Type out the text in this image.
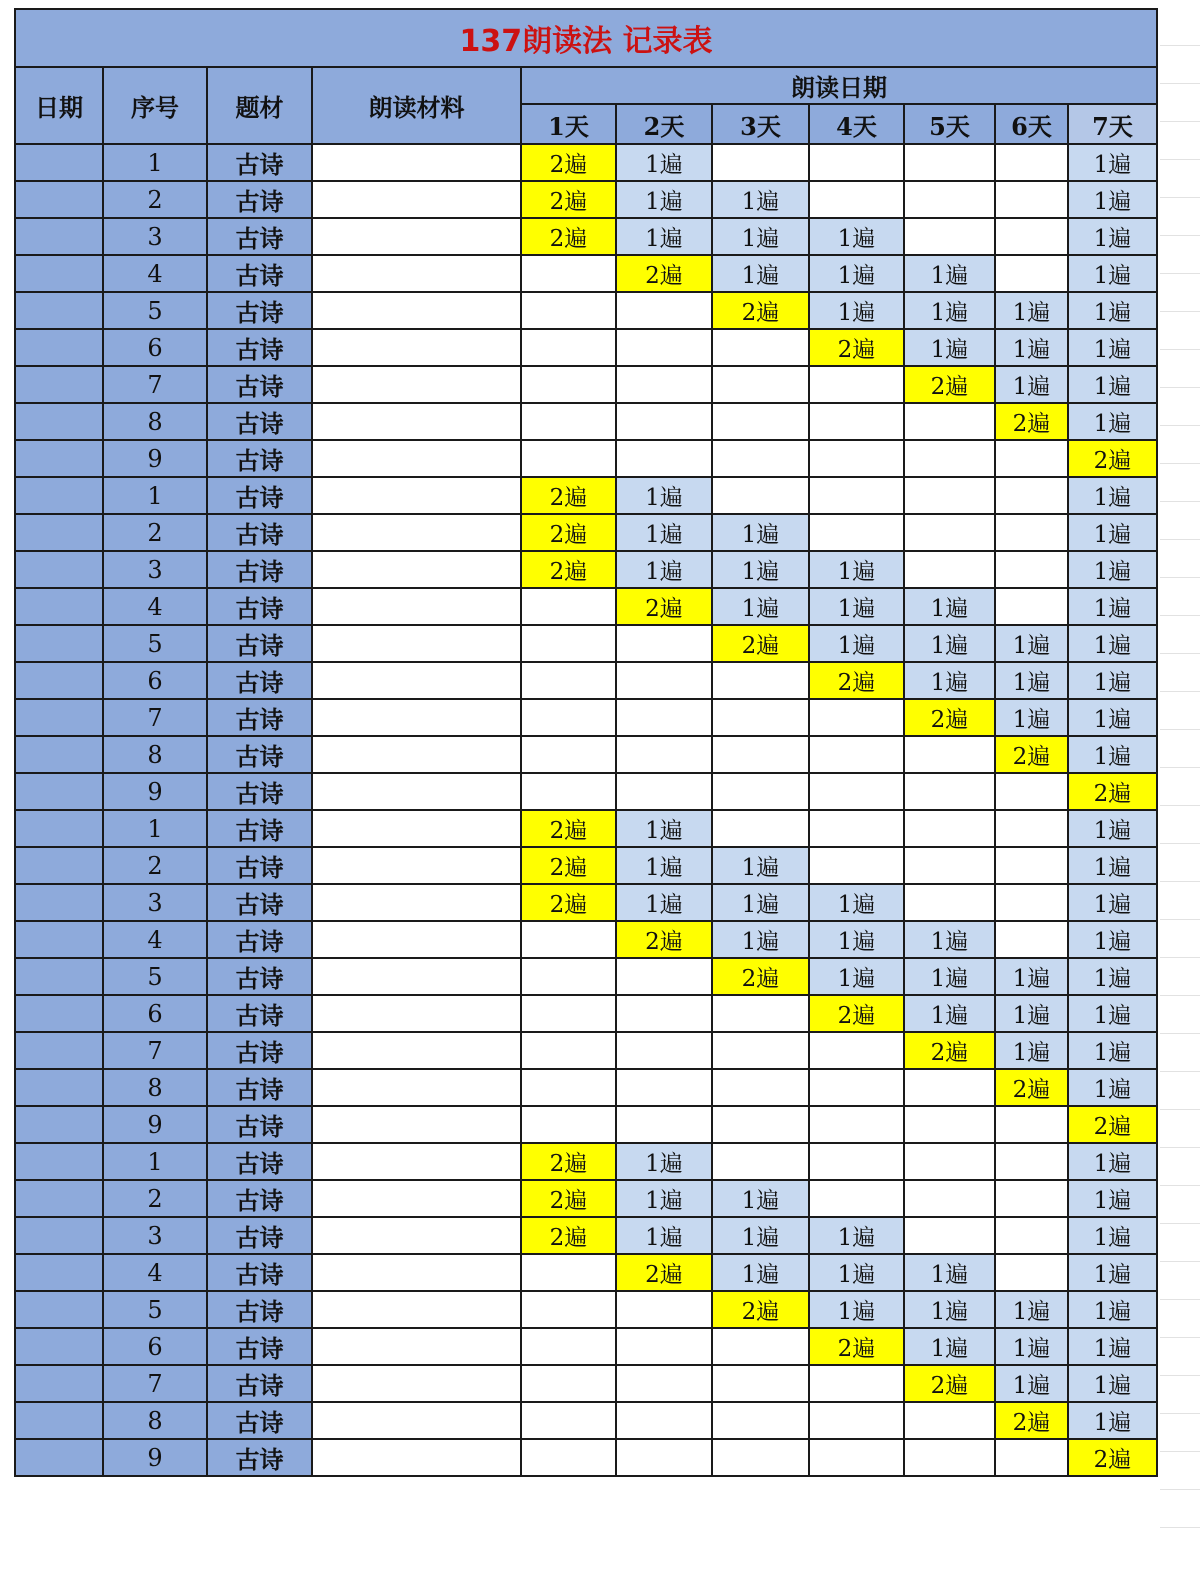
137朗读法 记录表										
日期	序号	题材	朗读材料	朗读日期						
				1天	2天	3天	4天	5天	6天	7天
	1	古诗		2遍	1遍					1遍
	2	古诗		2遍	1遍	1遍				1遍
	3	古诗		2遍	1遍	1遍	1遍			1遍
	4	古诗			2遍	1遍	1遍	1遍		1遍
	5	古诗				2遍	1遍	1遍	1遍	1遍
	6	古诗					2遍	1遍	1遍	1遍
	7	古诗						2遍	1遍	1遍
	8	古诗							2遍	1遍
	9	古诗								2遍
	1	古诗		2遍	1遍					1遍
	2	古诗		2遍	1遍	1遍				1遍
	3	古诗		2遍	1遍	1遍	1遍			1遍
	4	古诗			2遍	1遍	1遍	1遍		1遍
	5	古诗				2遍	1遍	1遍	1遍	1遍
	6	古诗					2遍	1遍	1遍	1遍
	7	古诗						2遍	1遍	1遍
	8	古诗							2遍	1遍
	9	古诗								2遍
	1	古诗		2遍	1遍					1遍
	2	古诗		2遍	1遍	1遍				1遍
	3	古诗		2遍	1遍	1遍	1遍			1遍
	4	古诗			2遍	1遍	1遍	1遍		1遍
	5	古诗				2遍	1遍	1遍	1遍	1遍
	6	古诗					2遍	1遍	1遍	1遍
	7	古诗						2遍	1遍	1遍
	8	古诗							2遍	1遍
	9	古诗								2遍
	1	古诗		2遍	1遍					1遍
	2	古诗		2遍	1遍	1遍				1遍
	3	古诗		2遍	1遍	1遍	1遍			1遍
	4	古诗			2遍	1遍	1遍	1遍		1遍
	5	古诗				2遍	1遍	1遍	1遍	1遍
	6	古诗					2遍	1遍	1遍	1遍
	7	古诗						2遍	1遍	1遍
	8	古诗							2遍	1遍
	9	古诗								2遍
